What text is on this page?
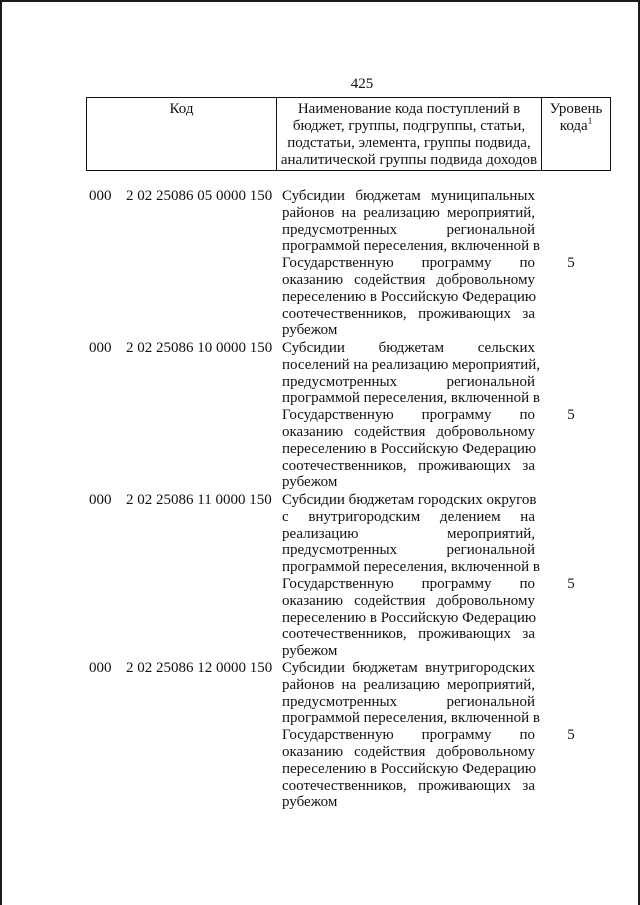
425
Код	Наименование кода поступлений в
бюджет, группы, подгруппы, статьи,
подстатьи, элемента, группы подвида,
аналитической группы подвида доходов	Уровень
кода$^1$
000 2 02 25086 05 0000 150 Субсидии бюджетам муниципальных
районов на реализацию мероприятий,
предусмотренных региональной
программой переселения, включенной в
Государственную программу по
оказанию содействия добровольному
переселению в Российскую Федерацию
соотечественников, проживающих за
рубежом
5
000 2 02 25086 10 0000 150 Субсидии бюджетам сельских
поселений на реализацию мероприятий,
предусмотренных региональной
программой переселения, включенной в
Государственную программу по
оказанию содействия добровольному
переселению в Российскую Федерацию
соотечественников, проживающих за
рубежом
5
000 2 02 25086 11 0000 150 Субсидии бюджетам городских округов
с внутригородским делением на
реализацию мероприятий,
предусмотренных региональной
программой переселения, включенной в
Государственную программу по
оказанию содействия добровольному
переселению в Российскую Федерацию
соотечественников, проживающих за
рубежом
5
000 2 02 25086 12 0000 150 Субсидии бюджетам внутригородских
районов на реализацию мероприятий,
предусмотренных региональной
программой переселения, включенной в
Государственную программу по
оказанию содействия добровольному
переселению в Российскую Федерацию
соотечественников, проживающих за
рубежом
5
